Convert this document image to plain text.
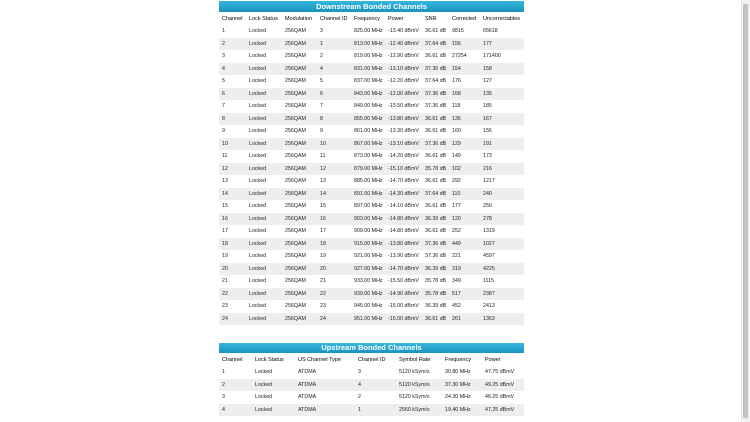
Downstream Bonded Channels
Channel	Lock Status	Modulation	Channel ID	Frequency	Power	SNR	Corrected	Uncorrectables
1	Locked	256QAM	3	825.00 MHz	-13.40 dBmV	36.61 dB	9815	65618
2	Locked	256QAM	1	813.00 MHz	-12.40 dBmV	37.64 dB	156	177
3	Locked	256QAM	2	819.00 MHz	-12.90 dBmV	36.61 dB	27254	171400
4	Locked	256QAM	4	831.00 MHz	-13.10 dBmV	37.36 dB	154	158
5	Locked	256QAM	5	837.00 MHz	-12.20 dBmV	37.64 dB	176	127
6	Locked	256QAM	6	843.00 MHz	-12.00 dBmV	37.36 dB	168	135
7	Locked	256QAM	7	849.00 MHz	-13.50 dBmV	37.36 dB	118	185
8	Locked	256QAM	8	855.00 MHz	-13.80 dBmV	36.61 dB	136	167
9	Locked	256QAM	9	861.00 MHz	-13.30 dBmV	36.61 dB	160	156
10	Locked	256QAM	10	867.00 MHz	-13.10 dBmV	37.36 dB	129	191
11	Locked	256QAM	11	873.00 MHz	-14.20 dBmV	36.61 dB	149	173
12	Locked	256QAM	12	879.00 MHz	-15.10 dBmV	35.78 dB	102	216
13	Locked	256QAM	13	885.00 MHz	-14.70 dBmV	36.61 dB	292	1217
14	Locked	256QAM	14	891.00 MHz	-14.30 dBmV	37.64 dB	110	240
15	Locked	256QAM	15	897.00 MHz	-14.10 dBmV	36.61 dB	177	250
16	Locked	256QAM	16	903.00 MHz	-14.80 dBmV	36.39 dB	120	278
17	Locked	256QAM	17	909.00 MHz	-14.80 dBmV	36.61 dB	252	1319
18	Locked	256QAM	18	915.00 MHz	-13.80 dBmV	37.36 dB	449	1027
19	Locked	256QAM	19	921.00 MHz	-13.90 dBmV	37.36 dB	221	4597
20	Locked	256QAM	20	927.00 MHz	-14.70 dBmV	36.39 dB	319	4225
21	Locked	256QAM	21	933.00 MHz	-15.50 dBmV	35.78 dB	349	1115
22	Locked	256QAM	22	939.00 MHz	-14.90 dBmV	35.78 dB	517	2387
23	Locked	256QAM	23	945.00 MHz	-15.00 dBmV	36.39 dB	452	2413
24	Locked	256QAM	24	951.00 MHz	-15.00 dBmV	36.61 dB	261	1363
Upstream Bonded Channels
Channel	Lock Status	US Channel Type	Channel ID	Symbol Rate	Frequency	Power
1	Locked	ATDMA	3	5120 kSym/s	30.80 MHz	47.75 dBmV
2	Locked	ATDMA	4	5120 kSym/s	37.30 MHz	49.25 dBmV
3	Locked	ATDMA	2	5120 kSym/s	24.30 MHz	46.25 dBmV
4	Locked	ATDMA	1	2560 kSym/s	19.40 MHz	47.25 dBmV
